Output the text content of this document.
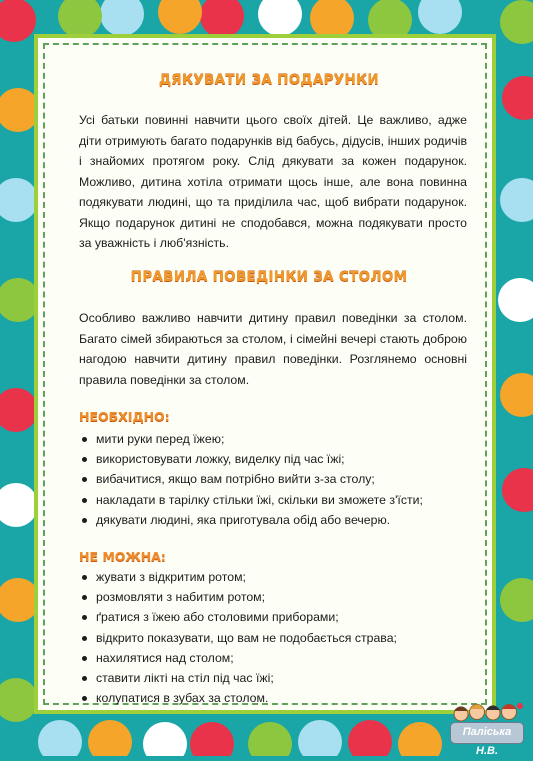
ДЯКУВАТИ ЗА ПОДАРУНКИ

Усі батьки повинні навчити цього своїх дітей. Це важливо, адже діти отримують багато подарунків від бабусь, дідусів, інших родичів і знайомих протягом року. Слід дякувати за кожен подарунок. Можливо, дитина хотіла отримати щось інше, але вона повинна подякувати людині, що та приділила час, щоб вибрати подарунок. Якщо подарунок дитині не сподобався, можна подякувати просто за уважність і люб'язність.

ПРАВИЛА ПОВЕДІНКИ ЗА СТОЛОМ

Особливо важливо навчити дитину правил поведінки за столом. Багато сімей збираються за столом, і сімейні вечері стають доброю нагодою навчити дитину правил поведінки. Розглянемо основні правила поведінки за столом.

НЕОБХІДНО:
мити руки перед їжею;
використовувати ложку, виделку під час їжі;
вибачитися, якщо вам потрібно вийти з-за столу;
накладати в тарілку стільки їжі, скільки ви зможете з'їсти;
дякувати людині, яка приготувала обід або вечерю.
НЕ МОЖНА:
жувати з відкритим ротом;
розмовляти з набитим ротом;
ґратися з їжею або столовими приборами;
відкрито показувати, що вам не подобається страва;
нахилятися над столом;
ставити лікті на стіл під час їжі;
колупатися в зубах за столом.
Паліська Н.В.
